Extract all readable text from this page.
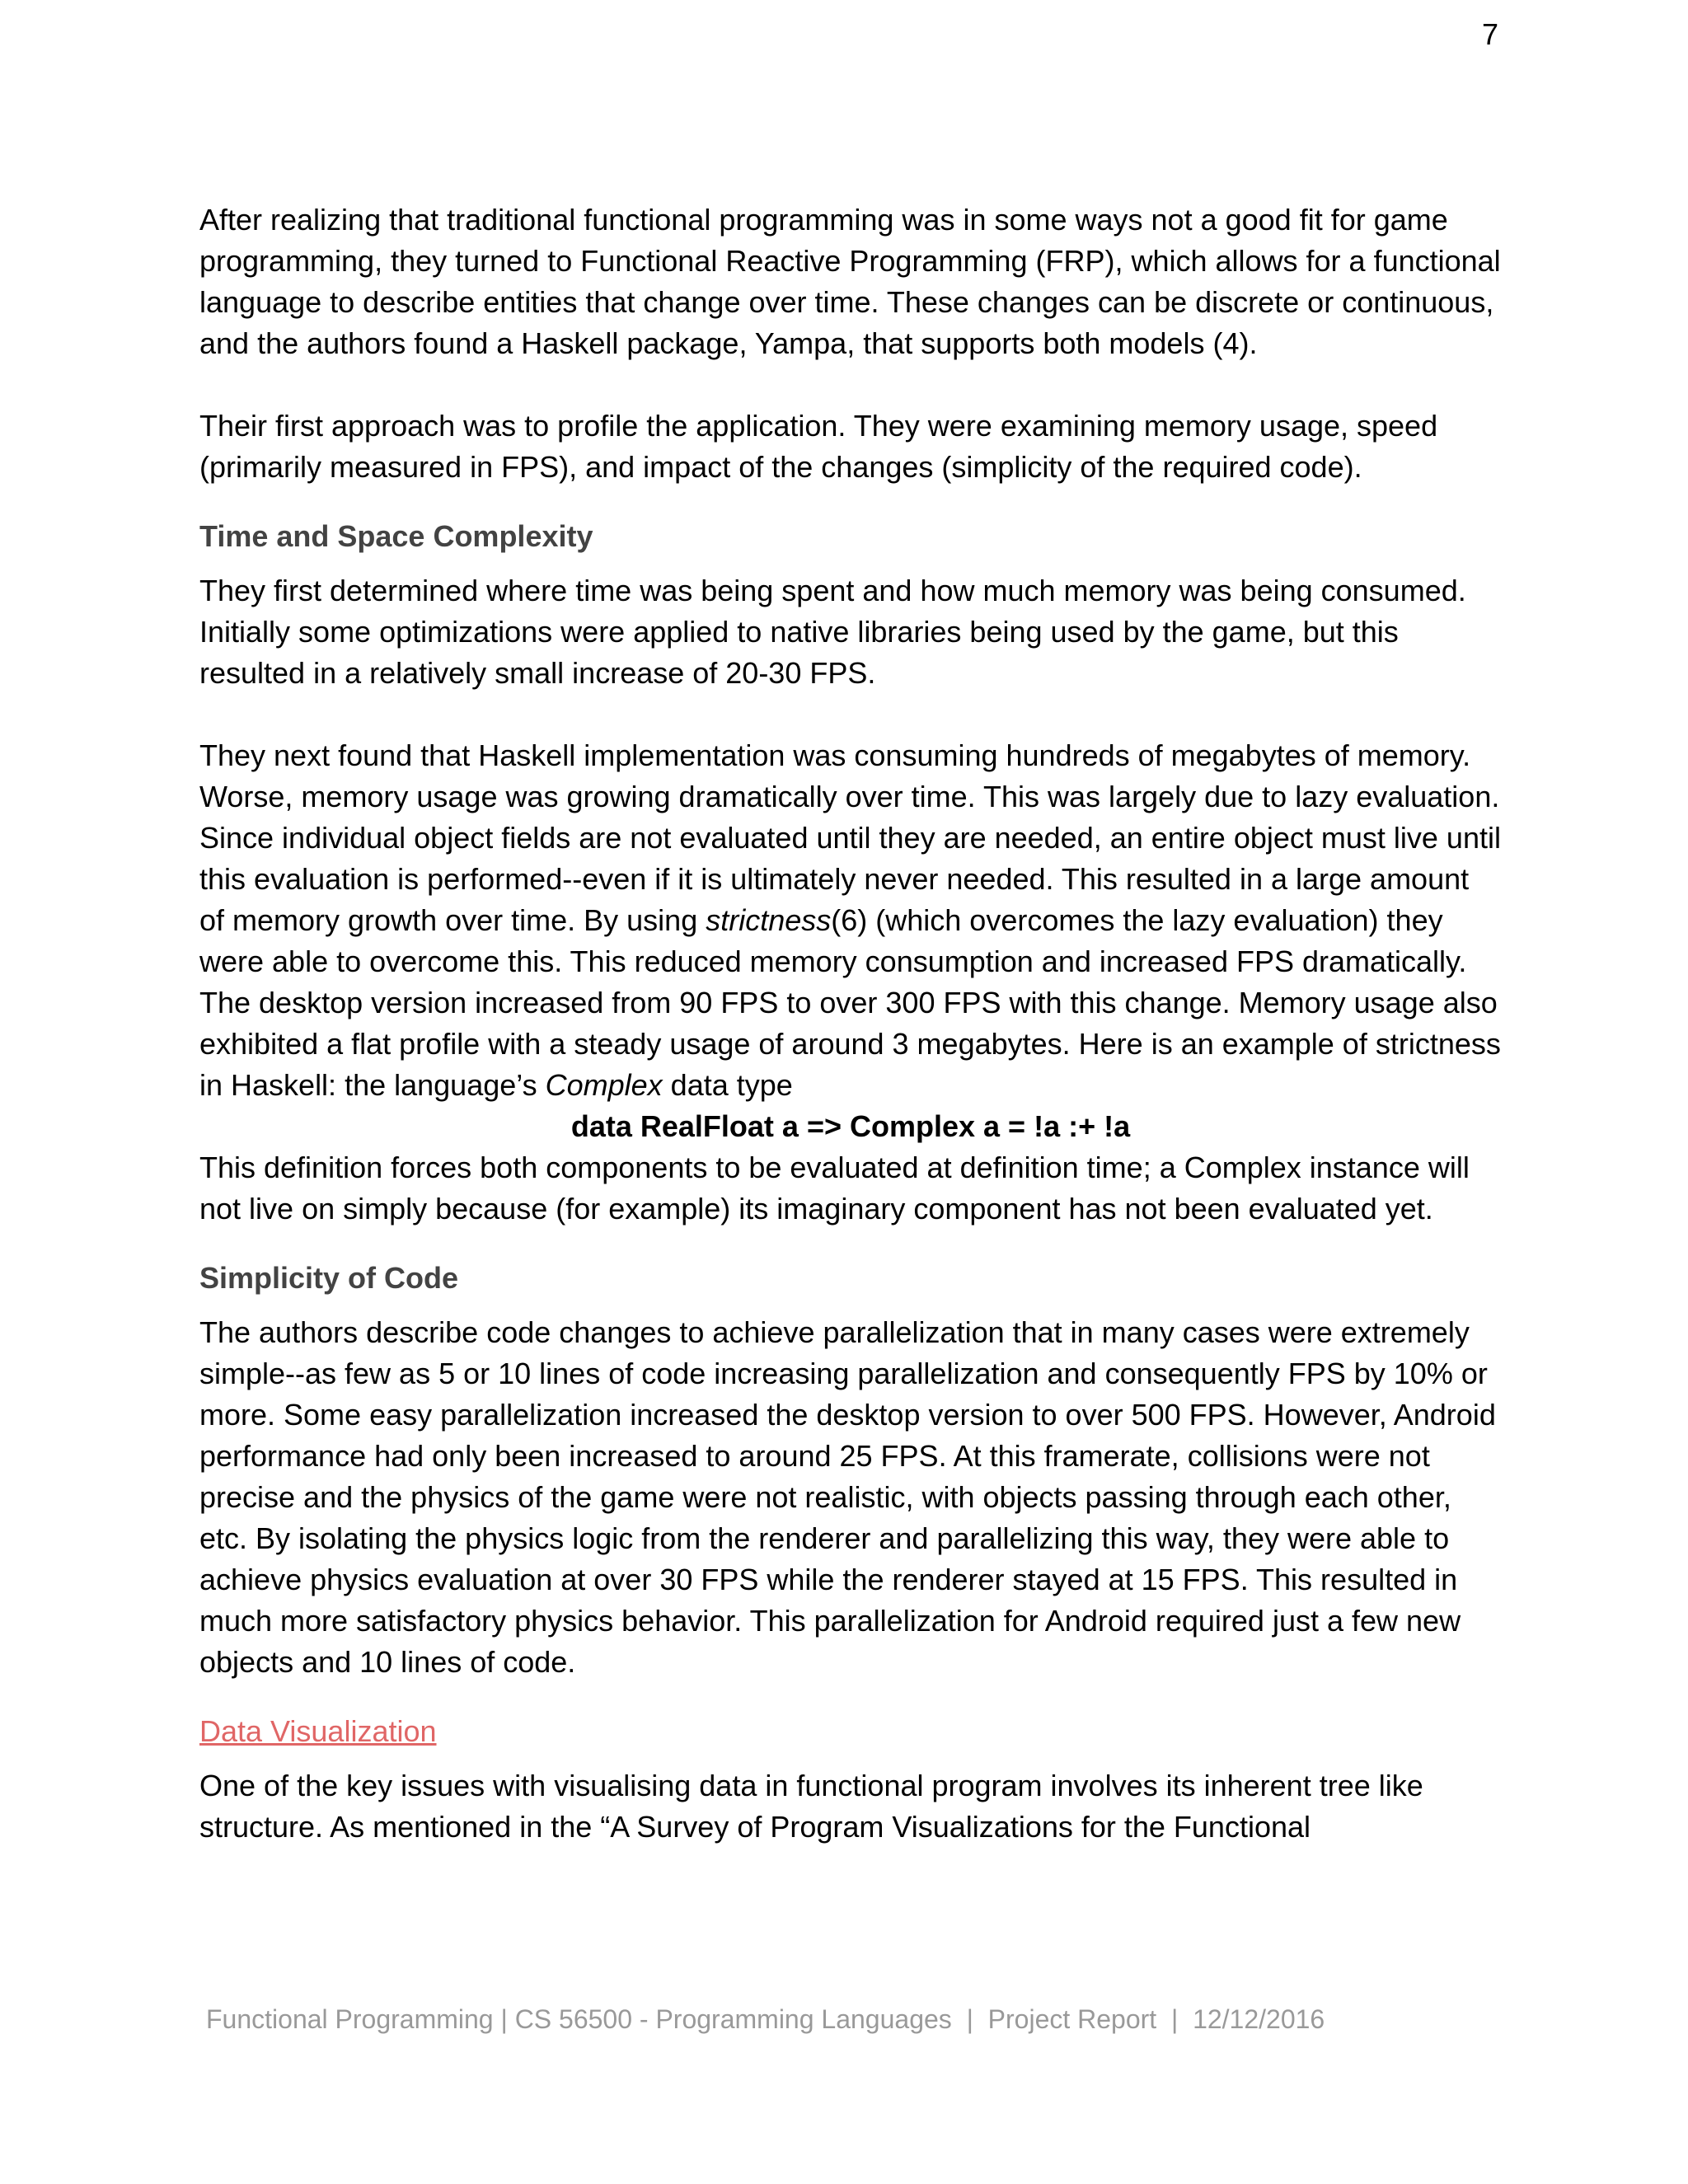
7

After realizing that traditional functional programming was in some ways not a good fit for game programming, they turned to Functional Reactive Programming (FRP), which allows for a functional language to describe entities that change over time. These changes can be discrete or continuous, and the authors found a Haskell package, Yampa, that supports both models (4).

Their first approach was to profile the application. They were examining memory usage, speed (primarily measured in FPS), and impact of the changes (simplicity of the required code).

Time and Space Complexity

They first determined where time was being spent and how much memory was being consumed. Initially some optimizations were applied to native libraries being used by the game, but this resulted in a relatively small increase of 20-30 FPS.

They next found that Haskell implementation was consuming hundreds of megabytes of memory. Worse, memory usage was growing dramatically over time. This was largely due to lazy evaluation. Since individual object fields are not evaluated until they are needed, an entire object must live until this evaluation is performed--even if it is ultimately never needed. This resulted in a large amount of memory growth over time. By using strictness(6) (which overcomes the lazy evaluation) they were able to overcome this. This reduced memory consumption and increased FPS dramatically. The desktop version increased from 90 FPS to over 300 FPS with this change. Memory usage also exhibited a flat profile with a steady usage of around 3 megabytes. Here is an example of strictness in Haskell: the language’s Complex data type

data RealFloat a => Complex a = !a :+ !a

This definition forces both components to be evaluated at definition time; a Complex instance will not live on simply because (for example) its imaginary component has not been evaluated yet.

Simplicity of Code

The authors describe code changes to achieve parallelization that in many cases were extremely simple--as few as 5 or 10 lines of code increasing parallelization and consequently FPS by 10% or more. Some easy parallelization increased the desktop version to over 500 FPS. However, Android performance had only been increased to around 25 FPS. At this framerate, collisions were not precise and the physics of the game were not realistic, with objects passing through each other, etc. By isolating the physics logic from the renderer and parallelizing this way, they were able to achieve physics evaluation at over 30 FPS while the renderer stayed at 15 FPS. This resulted in much more satisfactory physics behavior. This parallelization for Android required just a few new objects and 10 lines of code.

Data Visualization

One of the key issues with visualising data in functional program involves its inherent tree like structure. As mentioned in the “A Survey of Program Visualizations for the Functional

Functional Programming | CS 56500 - Programming Languages  |  Project Report  |  12/12/2016
